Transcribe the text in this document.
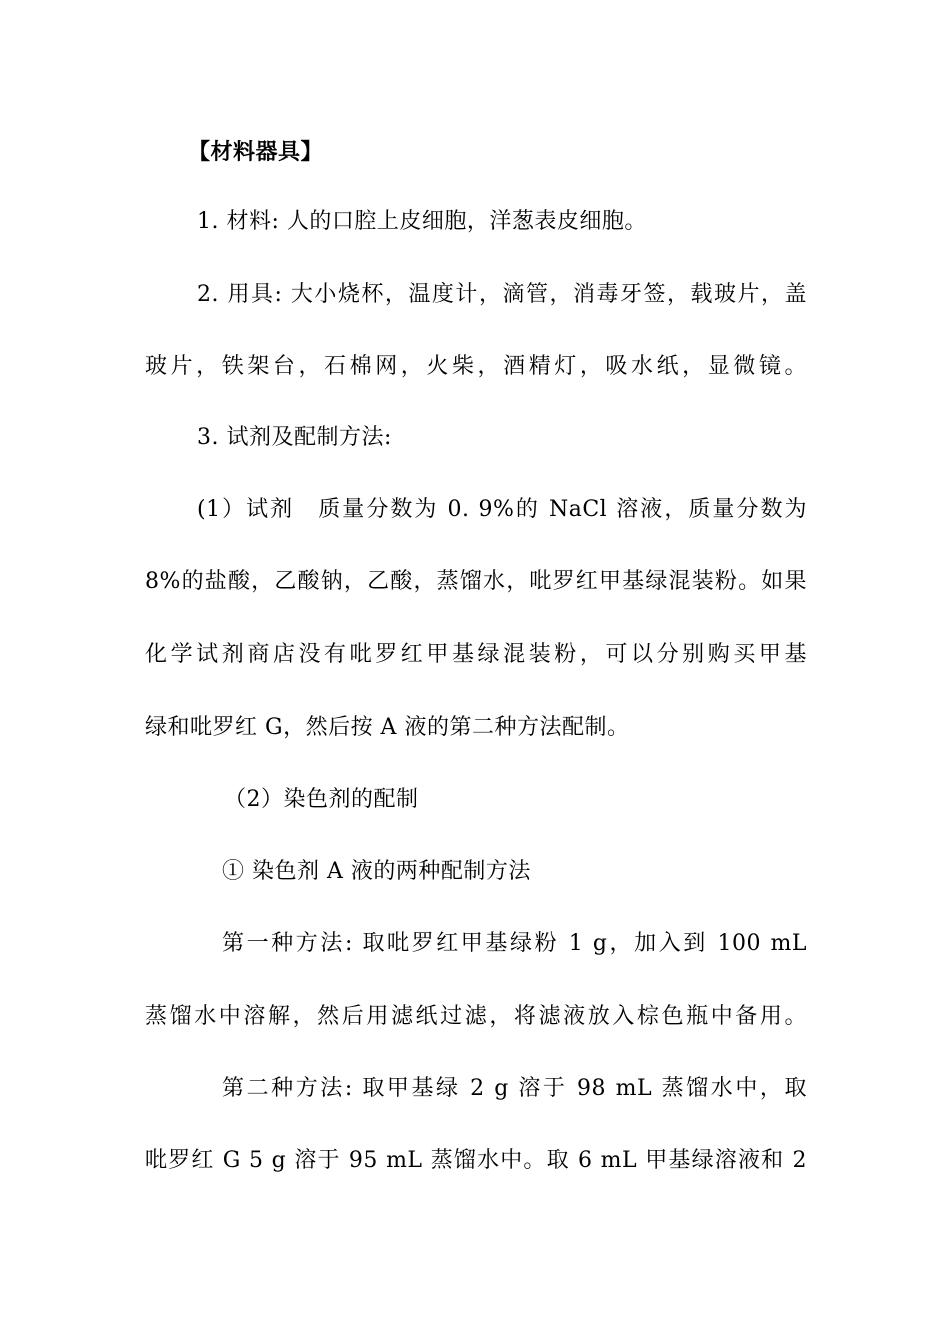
【材料器具】
1. 材料: 人的口腔上皮细胞，洋葱表皮细胞。
2. 用具: 大小烧杯，温度计，滴管，消毒牙签，载玻片，盖
玻片，铁架台，石棉网，火柴，酒精灯，吸水纸，显微镜。
3. 试剂及配制方法:
(1）试剂　质量分数为 0. 9%的 NaCl 溶液，质量分数为
8%的盐酸，乙酸钠，乙酸，蒸馏水，吡罗红甲基绿混装粉。如果
化学试剂商店没有吡罗红甲基绿混装粉，可以分别购买甲基
绿和吡罗红 G，然后按 A 液的第二种方法配制。
（2）染色剂的配制
① 染色剂 A 液的两种配制方法
第一种方法: 取吡罗红甲基绿粉 1 g，加入到 100 mL
蒸馏水中溶解，然后用滤纸过滤，将滤液放入棕色瓶中备用。
第二种方法: 取甲基绿 2 g 溶于 98 mL 蒸馏水中，取
吡罗红 G 5 g 溶于 95 mL 蒸馏水中。取 6 mL 甲基绿溶液和 2
